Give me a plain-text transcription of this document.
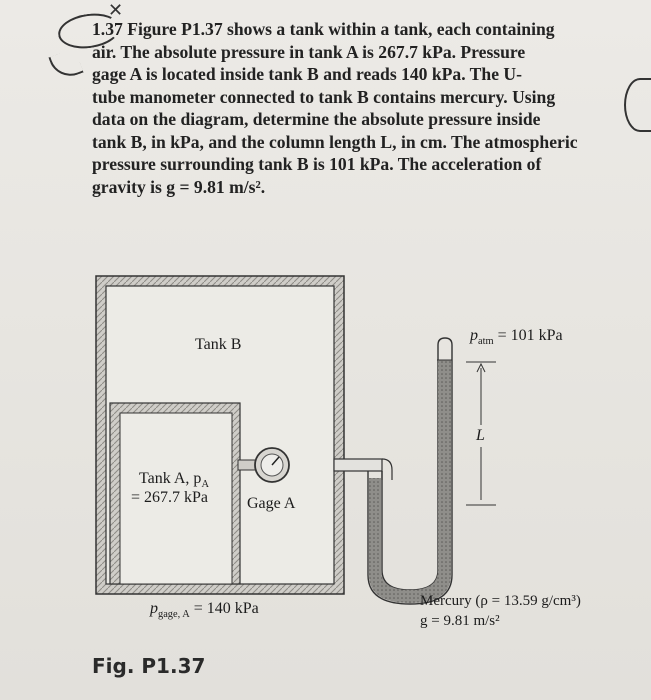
✕

1.37 Figure P1.37 shows a tank within a tank, each containing

air. The absolute pressure in tank A is 267.7 kPa. Pressure

gage A is located inside tank B and reads 140 kPa. The U-

tube manometer connected to tank B contains mercury. Using

data on the diagram, determine the absolute pressure inside

tank B, in kPa, and the column length L, in cm. The atmospheric

pressure surrounding tank B is 101 kPa. The acceleration of

gravity is g = 9.81 m/s².

Tank B
Tank A, $p_A$
= 267.7 kPa Gage A
$p_{atm} = 101$ kPa
L
$p_{gage, A} = 140$ kPa	Mercury (ρ = 13.59 g/cm³)
g = 9.81 m/s²
Fig. P1.37
